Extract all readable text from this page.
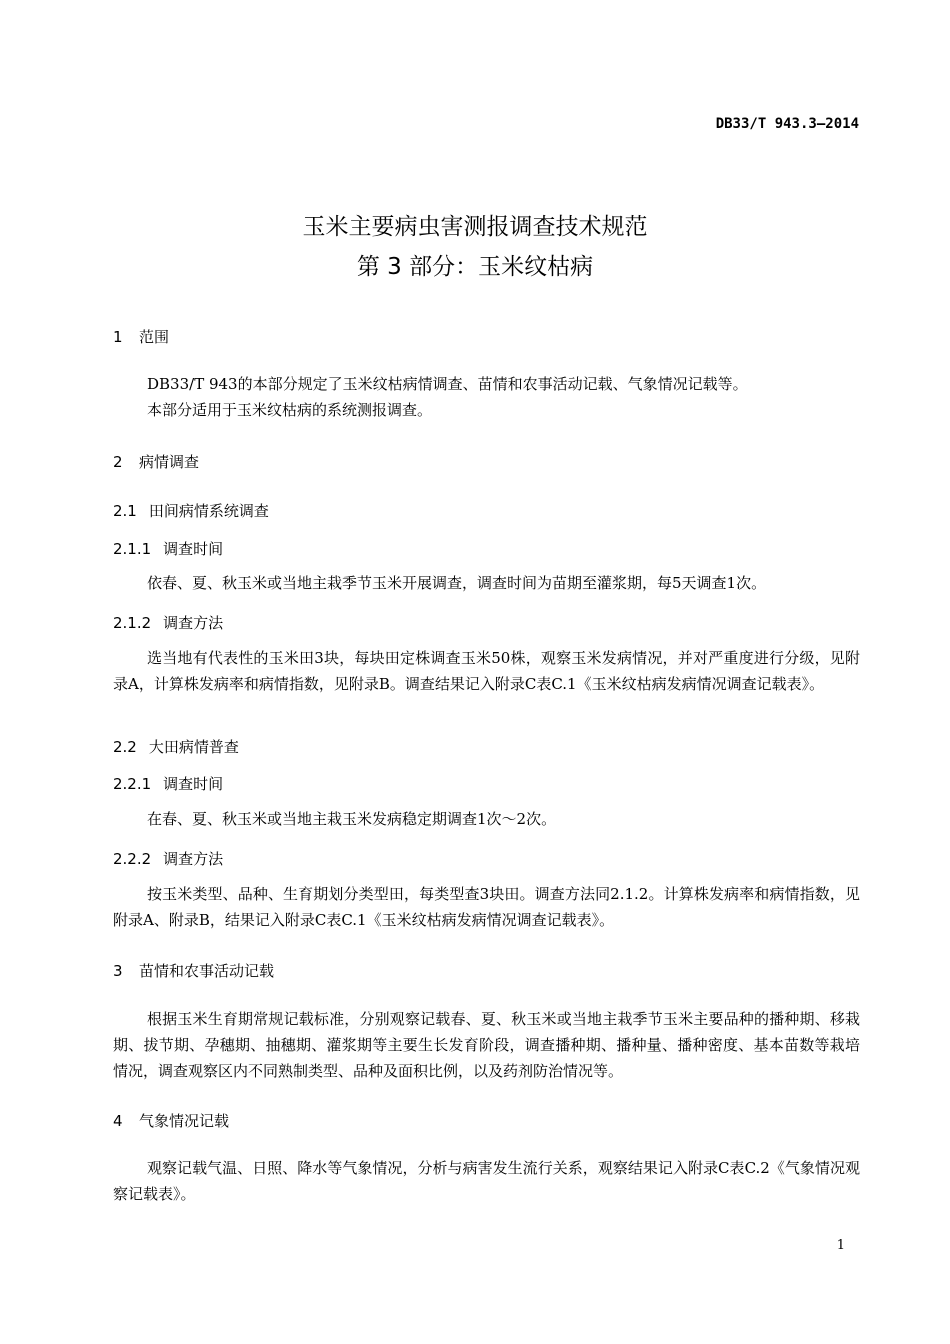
DB33/T 943.3—2014
玉米主要病虫害测报调查技术规范
第 3 部分：玉米纹枯病
1 范围
DB33/T 943的本部分规定了玉米纹枯病情调查、苗情和农事活动记载、气象情况记载等。
本部分适用于玉米纹枯病的系统测报调查。
2 病情调查
2.1 田间病情系统调查
2.1.1 调查时间
依春、夏、秋玉米或当地主栽季节玉米开展调查，调查时间为苗期至灌浆期，每5天调查1次。
2.1.2 调查方法
选当地有代表性的玉米田3块，每块田定株调查玉米50株，观察玉米发病情况，并对严重度进行分级，见附录A，计算株发病率和病情指数，见附录B。调查结果记入附录C表C.1《玉米纹枯病发病情况调查记载表》。
2.2 大田病情普查
2.2.1 调查时间
在春、夏、秋玉米或当地主栽玉米发病稳定期调查1次～2次。
2.2.2 调查方法
按玉米类型、品种、生育期划分类型田，每类型查3块田。调查方法同2.1.2。计算株发病率和病情指数，见附录A、附录B，结果记入附录C表C.1《玉米纹枯病发病情况调查记载表》。
3 苗情和农事活动记载
根据玉米生育期常规记载标准，分别观察记载春、夏、秋玉米或当地主栽季节玉米主要品种的播种期、移栽期、拔节期、孕穗期、抽穗期、灌浆期等主要生长发育阶段，调查播种期、播种量、播种密度、基本苗数等栽培情况，调查观察区内不同熟制类型、品种及面积比例，以及药剂防治情况等。
4 气象情况记载
观察记载气温、日照、降水等气象情况，分析与病害发生流行关系，观察结果记入附录C表C.2《气象情况观察记载表》。
1
